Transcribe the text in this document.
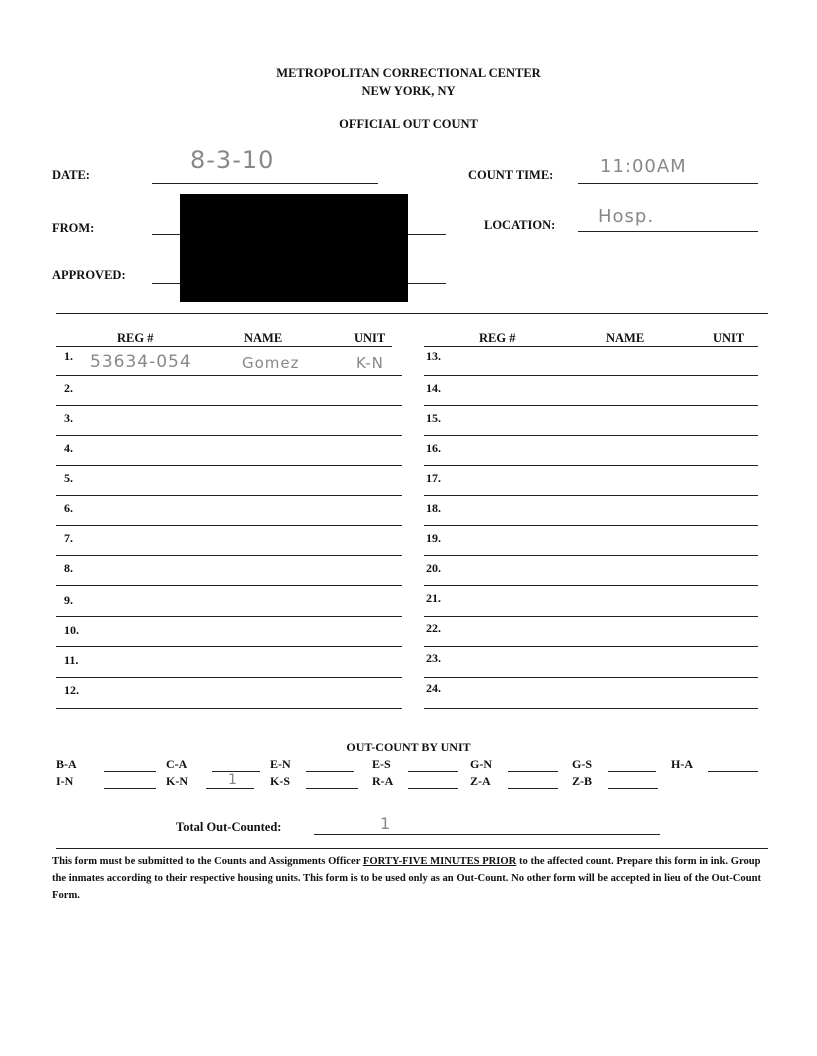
METROPOLITAN CORRECTIONAL CENTER
NEW YORK, NY
OFFICIAL OUT COUNT
DATE:
8-3-10
COUNT TIME:	11:00AM
FROM:	LOCATION: Hosp.
APPROVED:
REG #	NAME	UNIT	REG #	NAME	UNIT
1. 53634-054	Gomez	K-N
2.
3.
4.
5.
6.
7.
8.
9.
10.
11.
12.
13.
14.
15.
16.
17.
18.
19.
20.
21.
22.
23.
24.
OUT-COUNT BY UNIT
B-A	C-A	E-N	E-S	G-N	G-S	H-A
I-N	K-N	1	K-S	R-A	Z-A	Z-B
Total Out-Counted:	1
This form must be submitted to the Counts and Assignments Officer FORTY-FIVE MINUTES PRIOR to the affected count. Prepare this form in ink. Group the inmates according to their respective housing units. This form is to be used only as an Out-Count. No other form will be accepted in lieu of the Out-Count Form.
